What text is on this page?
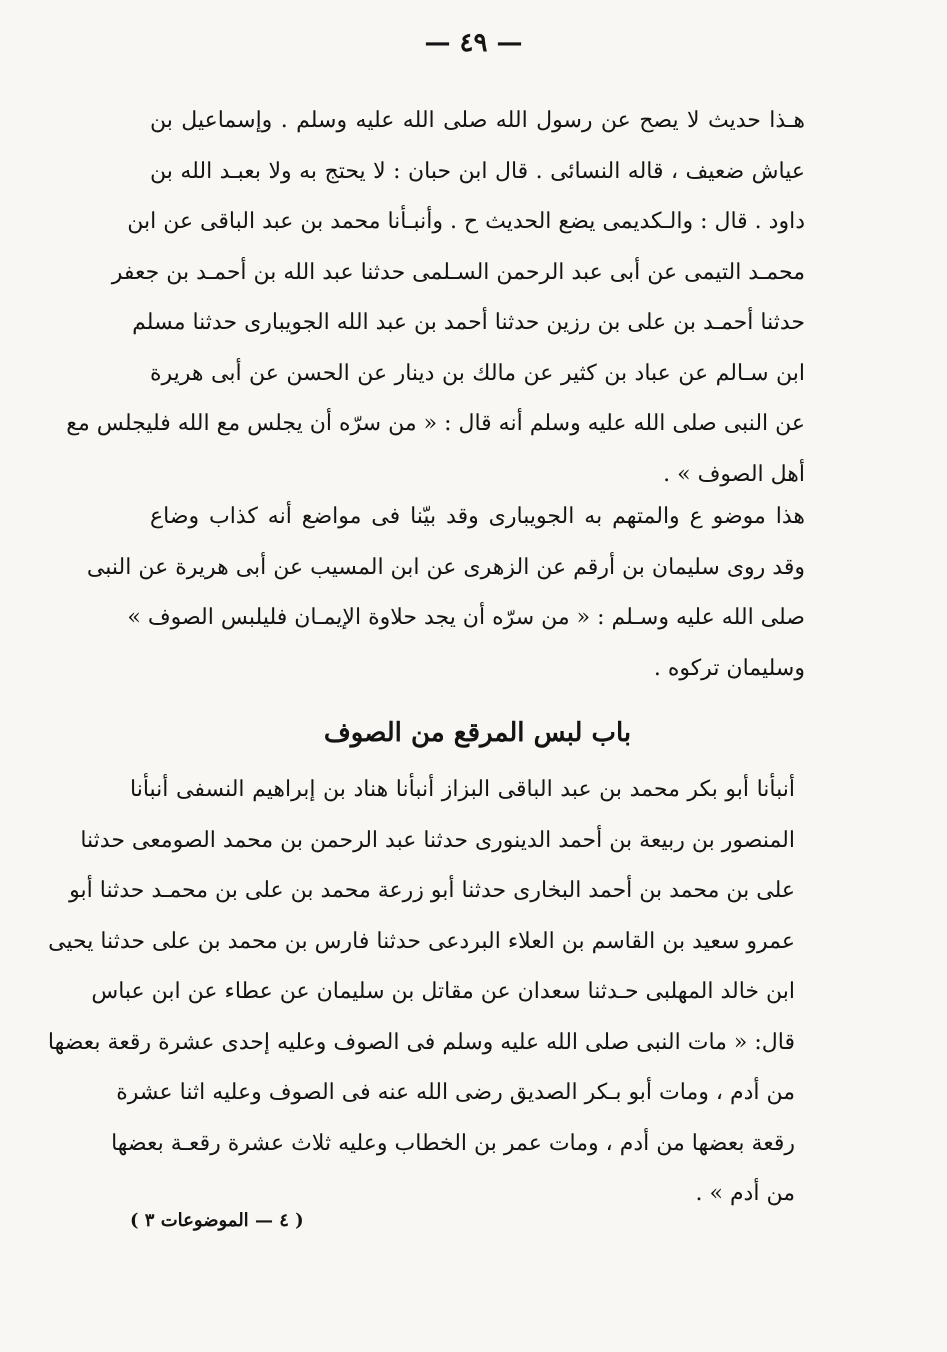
— ٤٩ —
هـذا حديث لا يصح عن رسول الله صلى الله عليه وسلم . وإسماعيل بن
عياش ضعيف ، قاله النسائى . قال ابن حبان : لا يحتج به ولا بعبـد الله بن
داود . قال : والـكديمى يضع الحديث ح . وأنبـأنا محمد بن عبد الباقى عن ابن
محمـد التيمى عن أبى عبد الرحمن السـلمى حدثنا عبد الله بن أحمـد بن جعفر
حدثنا أحمـد بن على بن رزين حدثنا أحمد بن عبد الله الجويبارى حدثنا مسلم
ابن سـالم عن عباد بن كثير عن مالك بن دينار عن الحسن عن أبى هريرة
عن النبى صلى الله عليه وسلم أنه قال : « من سرّه أن يجلس مع الله فليجلس مع
أهل الصوف » .
هذا موضو ع والمتهم به الجويبارى وقد بيّنا فى مواضع أنه كذاب وضاع
وقد روى سليمان بن أرقم عن الزهرى عن ابن المسيب عن أبى هريرة عن النبى
صلى الله عليه وسـلم : « من سرّه أن يجد حلاوة الإيمـان فليلبس الصوف »
وسليمان تركوه .
باب لبس المرقع من الصوف
أنبأنا أبو بكر محمد بن عبد الباقى البزاز أنبأنا هناد بن إبراهيم النسفى أنبأنا
المنصور بن ربيعة بن أحمد الدينورى حدثنا عبد الرحمن بن محمد الصومعى حدثنا
على بن محمد بن أحمد البخارى حدثنا أبو زرعة محمد بن على بن محمـد حدثنا أبو
عمرو سعيد بن القاسم بن العلاء البردعى حدثنا فارس بن محمد بن على حدثنا يحيى
ابن خالد المهلبى حـدثنا سعدان عن مقاتل بن سليمان عن عطاء عن ابن عباس
قال: « مات النبى صلى الله عليه وسلم فى الصوف وعليه إحدى عشرة رقعة بعضها
من أدم ، ومات أبو بـكر الصديق رضى الله عنه فى الصوف وعليه اثنا عشرة
رقعة بعضها من أدم ، ومات عمر بن الخطاب وعليه ثلاث عشرة رقعـة بعضها
من أدم » .
( ٤ — الموضوعات ٣ )
